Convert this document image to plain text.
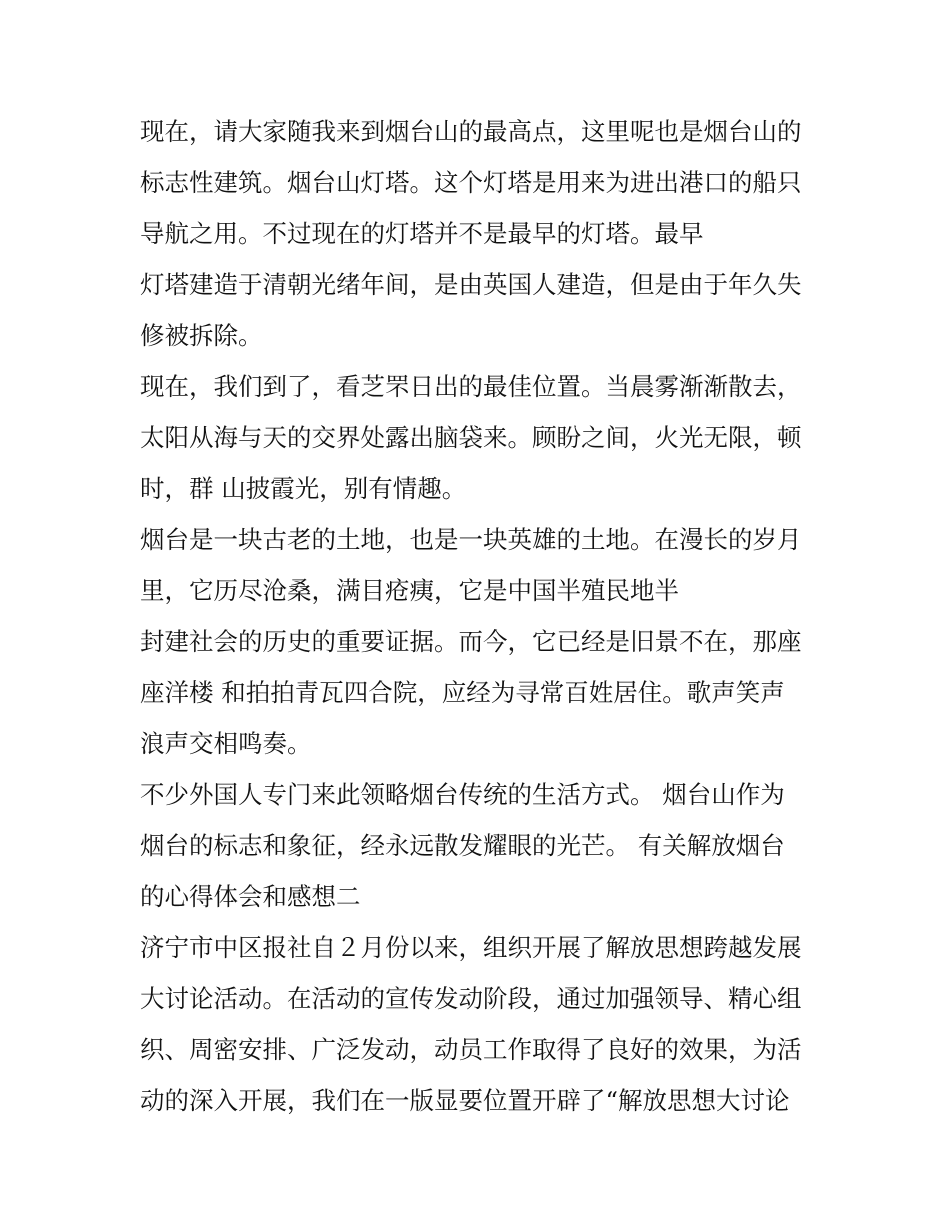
现在，请大家随我来到烟台山的最高点，这里呢也是烟台山的
标志性建筑。烟台山灯塔。这个灯塔是用来为进出港口的船只
导航之用。不过现在的灯塔并不是最早的灯塔。最早
灯塔建造于清朝光绪年间，是由英国人建造，但是由于年久失
修被拆除。
现在，我们到了，看芝罘日出的最佳位置。当晨雾渐渐散去，
太阳从海与天的交界处露出脑袋来。顾盼之间，火光无限，顿
时，群 山披霞光，别有情趣。
烟台是一块古老的土地，也是一块英雄的土地。在漫长的岁月
里，它历尽沧桑，满目疮痍，它是中国半殖民地半
封建社会的历史的重要证据。而今，它已经是旧景不在，那座
座洋楼 和拍拍青瓦四合院，应经为寻常百姓居住。歌声笑声
浪声交相鸣奏。
不少外国人专门来此领略烟台传统的生活方式。 烟台山作为
烟台的标志和象征，经永远散发耀眼的光芒。 有关解放烟台
的心得体会和感想二
济宁市中区报社自２月份以来，组织开展了解放思想跨越发展
大讨论活动。在活动的宣传发动阶段，通过加强领导、精心组
织、周密安排、广泛发动，动员工作取得了良好的效果，为活
动的深入开展，我们在一版显要位置开辟了“解放思想大讨论
